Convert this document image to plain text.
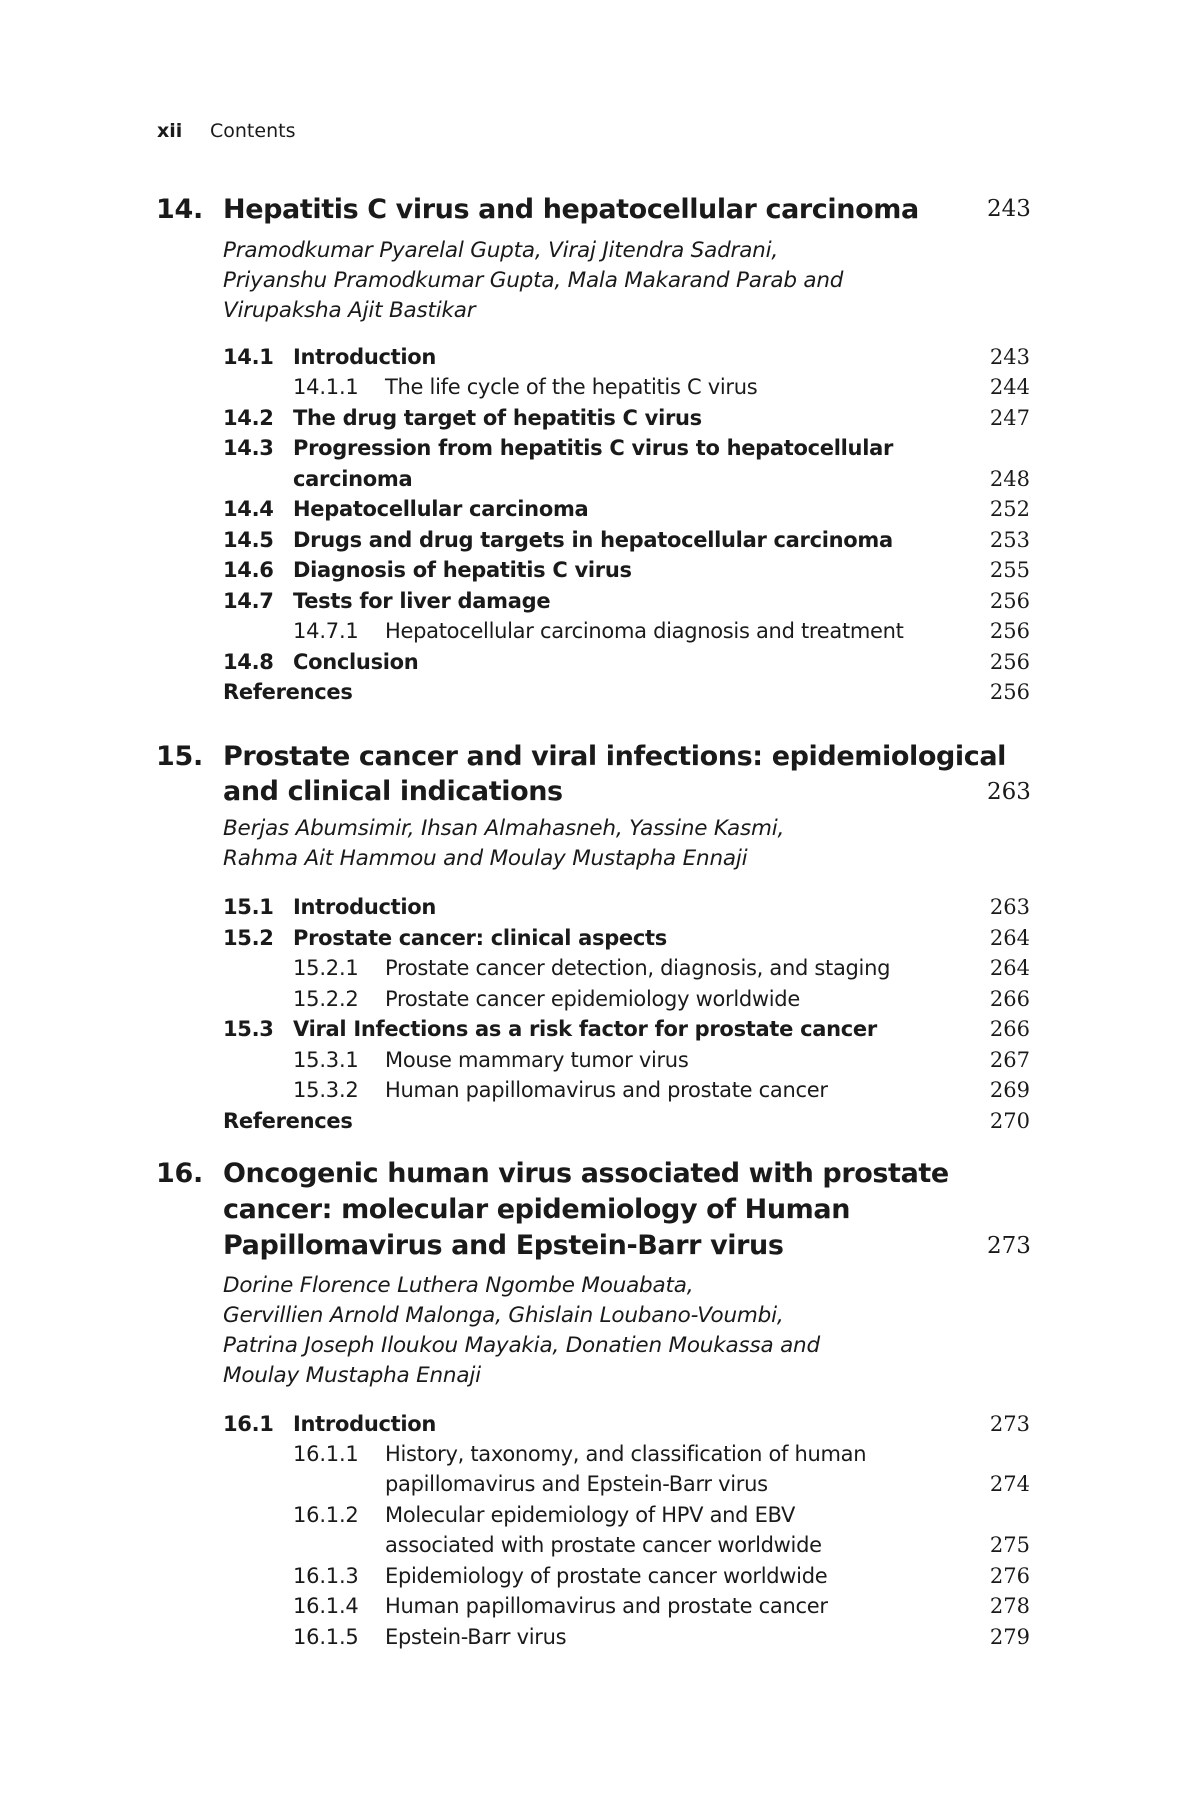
xii Contents
14. Hepatitis C virus and hepatocellular carcinoma	243
Pramodkumar Pyarelal Gupta, Viraj Jitendra Sadrani,
Priyanshu Pramodkumar Gupta, Mala Makarand Parab and
Virupaksha Ajit Bastikar
14.1 Introduction	243
14.1.1 The life cycle of the hepatitis C virus	244
14.2 The drug target of hepatitis C virus	247
14.3 Progression from hepatitis C virus to hepatocellular
carcinoma	248
14.4 Hepatocellular carcinoma	252
14.5 Drugs and drug targets in hepatocellular carcinoma	253
14.6 Diagnosis of hepatitis C virus	255
14.7 Tests for liver damage	256
14.7.1 Hepatocellular carcinoma diagnosis and treatment	256
14.8 Conclusion	256
References	256
15. Prostate cancer and viral infections: epidemiological
and clinical indications	263
Berjas Abumsimir, Ihsan Almahasneh, Yassine Kasmi,
Rahma Ait Hammou and Moulay Mustapha Ennaji
15.1 Introduction	263
15.2 Prostate cancer: clinical aspects	264
15.2.1 Prostate cancer detection, diagnosis, and staging	264
15.2.2 Prostate cancer epidemiology worldwide	266
15.3 Viral Infections as a risk factor for prostate cancer	266
15.3.1 Mouse mammary tumor virus	267
15.3.2 Human papillomavirus and prostate cancer	269
References	270
16. Oncogenic human virus associated with prostate
cancer: molecular epidemiology of Human
Papillomavirus and Epstein-Barr virus	273
Dorine Florence Luthera Ngombe Mouabata,
Gervillien Arnold Malonga, Ghislain Loubano-Voumbi,
Patrina Joseph Iloukou Mayakia, Donatien Moukassa and
Moulay Mustapha Ennaji
16.1 Introduction	273
16.1.1 History, taxonomy, and classification of human
papillomavirus and Epstein-Barr virus	274
16.1.2 Molecular epidemiology of HPV and EBV
associated with prostate cancer worldwide	275
16.1.3 Epidemiology of prostate cancer worldwide	276
16.1.4 Human papillomavirus and prostate cancer	278
16.1.5 Epstein-Barr virus	279
